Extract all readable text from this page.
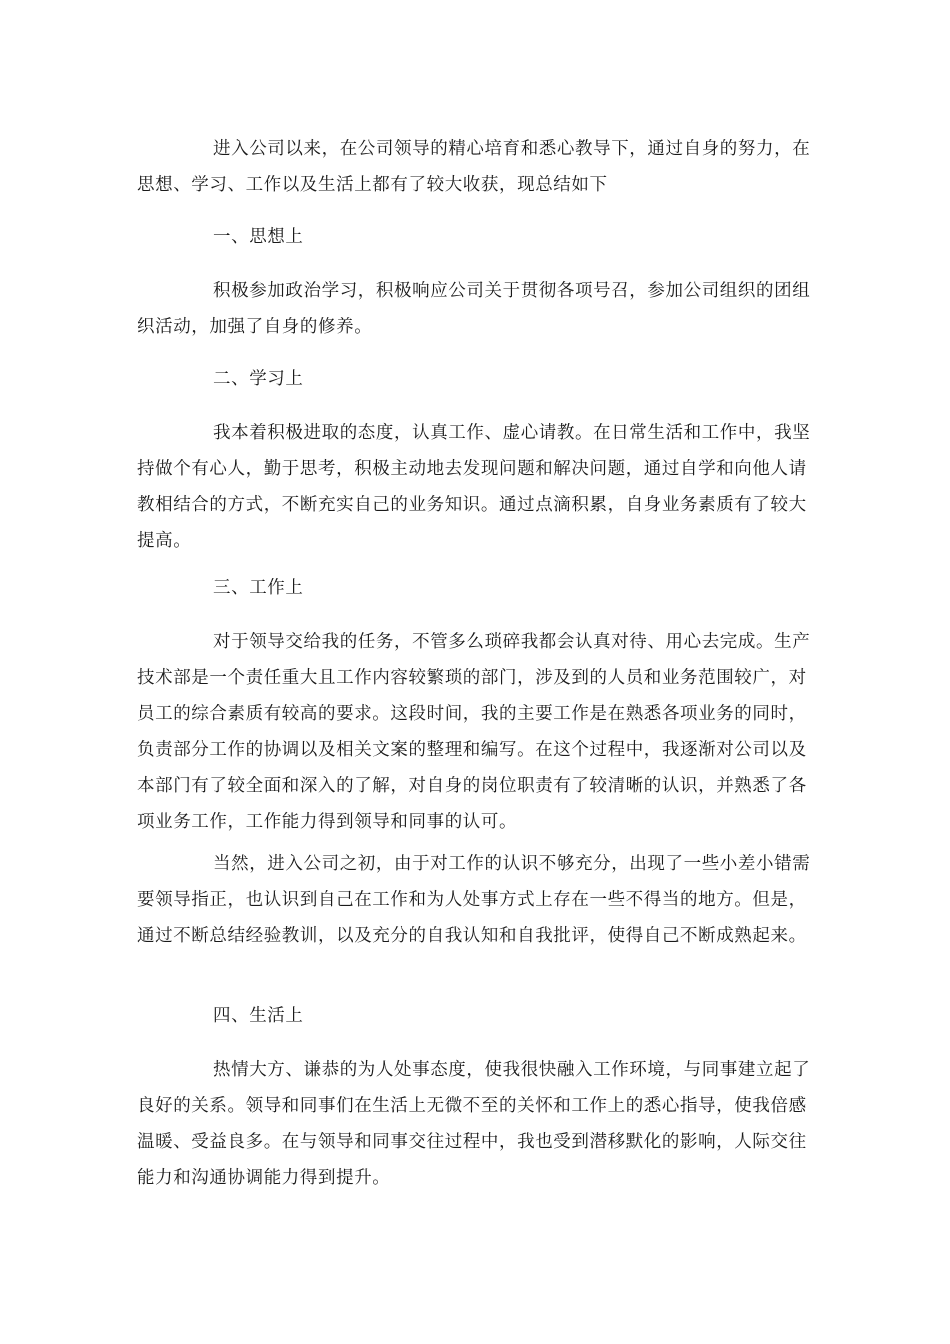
进入公司以来，在公司领导的精心培育和悉心教导下，通过自身的努力，在思想、学习、工作以及生活上都有了较大收获，现总结如下

一、思想上

积极参加政治学习，积极响应公司关于贯彻各项号召，参加公司组织的团组织活动，加强了自身的修养。

二、学习上

我本着积极进取的态度，认真工作、虚心请教。在日常生活和工作中，我坚持做个有心人，勤于思考，积极主动地去发现问题和解决问题，通过自学和向他人请教相结合的方式，不断充实自己的业务知识。通过点滴积累，自身业务素质有了较大提高。

三、工作上

对于领导交给我的任务，不管多么琐碎我都会认真对待、用心去完成。生产技术部是一个责任重大且工作内容较繁琐的部门，涉及到的人员和业务范围较广，对员工的综合素质有较高的要求。这段时间，我的主要工作是在熟悉各项业务的同时，负责部分工作的协调以及相关文案的整理和编写。在这个过程中，我逐渐对公司以及本部门有了较全面和深入的了解，对自身的岗位职责有了较清晰的认识，并熟悉了各项业务工作，工作能力得到领导和同事的认可。

当然，进入公司之初，由于对工作的认识不够充分，出现了一些小差小错需要领导指正，也认识到自己在工作和为人处事方式上存在一些不得当的地方。但是，通过不断总结经验教训，以及充分的自我认知和自我批评，使得自己不断成熟起来。

四、生活上

热情大方、谦恭的为人处事态度，使我很快融入工作环境，与同事建立起了良好的关系。领导和同事们在生活上无微不至的关怀和工作上的悉心指导，使我倍感温暖、受益良多。在与领导和同事交往过程中，我也受到潜移默化的影响，人际交往能力和沟通协调能力得到提升。
